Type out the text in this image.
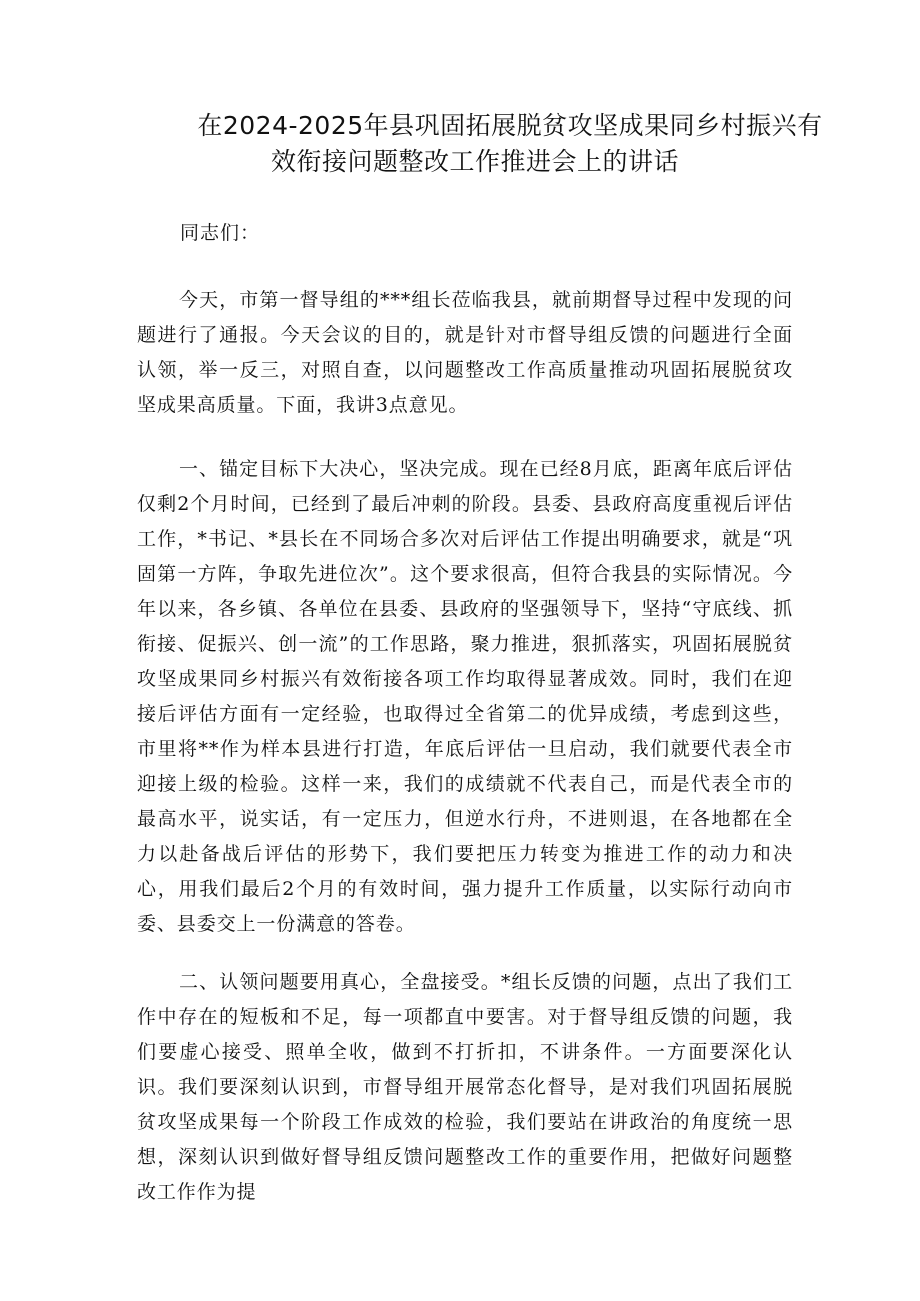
在2024-2025年县巩固拓展脱贫攻坚成果同乡村振兴有
效衔接问题整改工作推进会上的讲话
同志们：

今天，市第一督导组的***组长莅临我县，就前期督导过程中发现的问题进行了通报。今天会议的目的，就是针对市督导组反馈的问题进行全面认领，举一反三，对照自查，以问题整改工作高质量推动巩固拓展脱贫攻坚成果高质量。下面，我讲3点意见。

一、锚定目标下大决心，坚决完成。现在已经8月底，距离年底后评估仅剩2个月时间，已经到了最后冲刺的阶段。县委、县政府高度重视后评估工作，*书记、*县长在不同场合多次对后评估工作提出明确要求，就是“巩固第一方阵，争取先进位次”。这个要求很高，但符合我县的实际情况。今年以来，各乡镇、各单位在县委、县政府的坚强领导下，坚持“守底线、抓衔接、促振兴、创一流”的工作思路，聚力推进，狠抓落实，巩固拓展脱贫攻坚成果同乡村振兴有效衔接各项工作均取得显著成效。同时，我们在迎接后评估方面有一定经验，也取得过全省第二的优异成绩，考虑到这些，市里将**作为样本县进行打造，年底后评估一旦启动，我们就要代表全市迎接上级的检验。这样一来，我们的成绩就不代表自己，而是代表全市的最高水平，说实话，有一定压力，但逆水行舟，不进则退，在各地都在全力以赴备战后评估的形势下，我们要把压力转变为推进工作的动力和决心，用我们最后2个月的有效时间，强力提升工作质量，以实际行动向市委、县委交上一份满意的答卷。

二、认领问题要用真心，全盘接受。*组长反馈的问题，点出了我们工作中存在的短板和不足，每一项都直中要害。对于督导组反馈的问题，我们要虚心接受、照单全收，做到不打折扣，不讲条件。一方面要深化认识。我们要深刻认识到，市督导组开展常态化督导，是对我们巩固拓展脱贫攻坚成果每一个阶段工作成效的检验，我们要站在讲政治的角度统一思想，深刻认识到做好督导组反馈问题整改工作的重要作用，把做好问题整改工作作为提
